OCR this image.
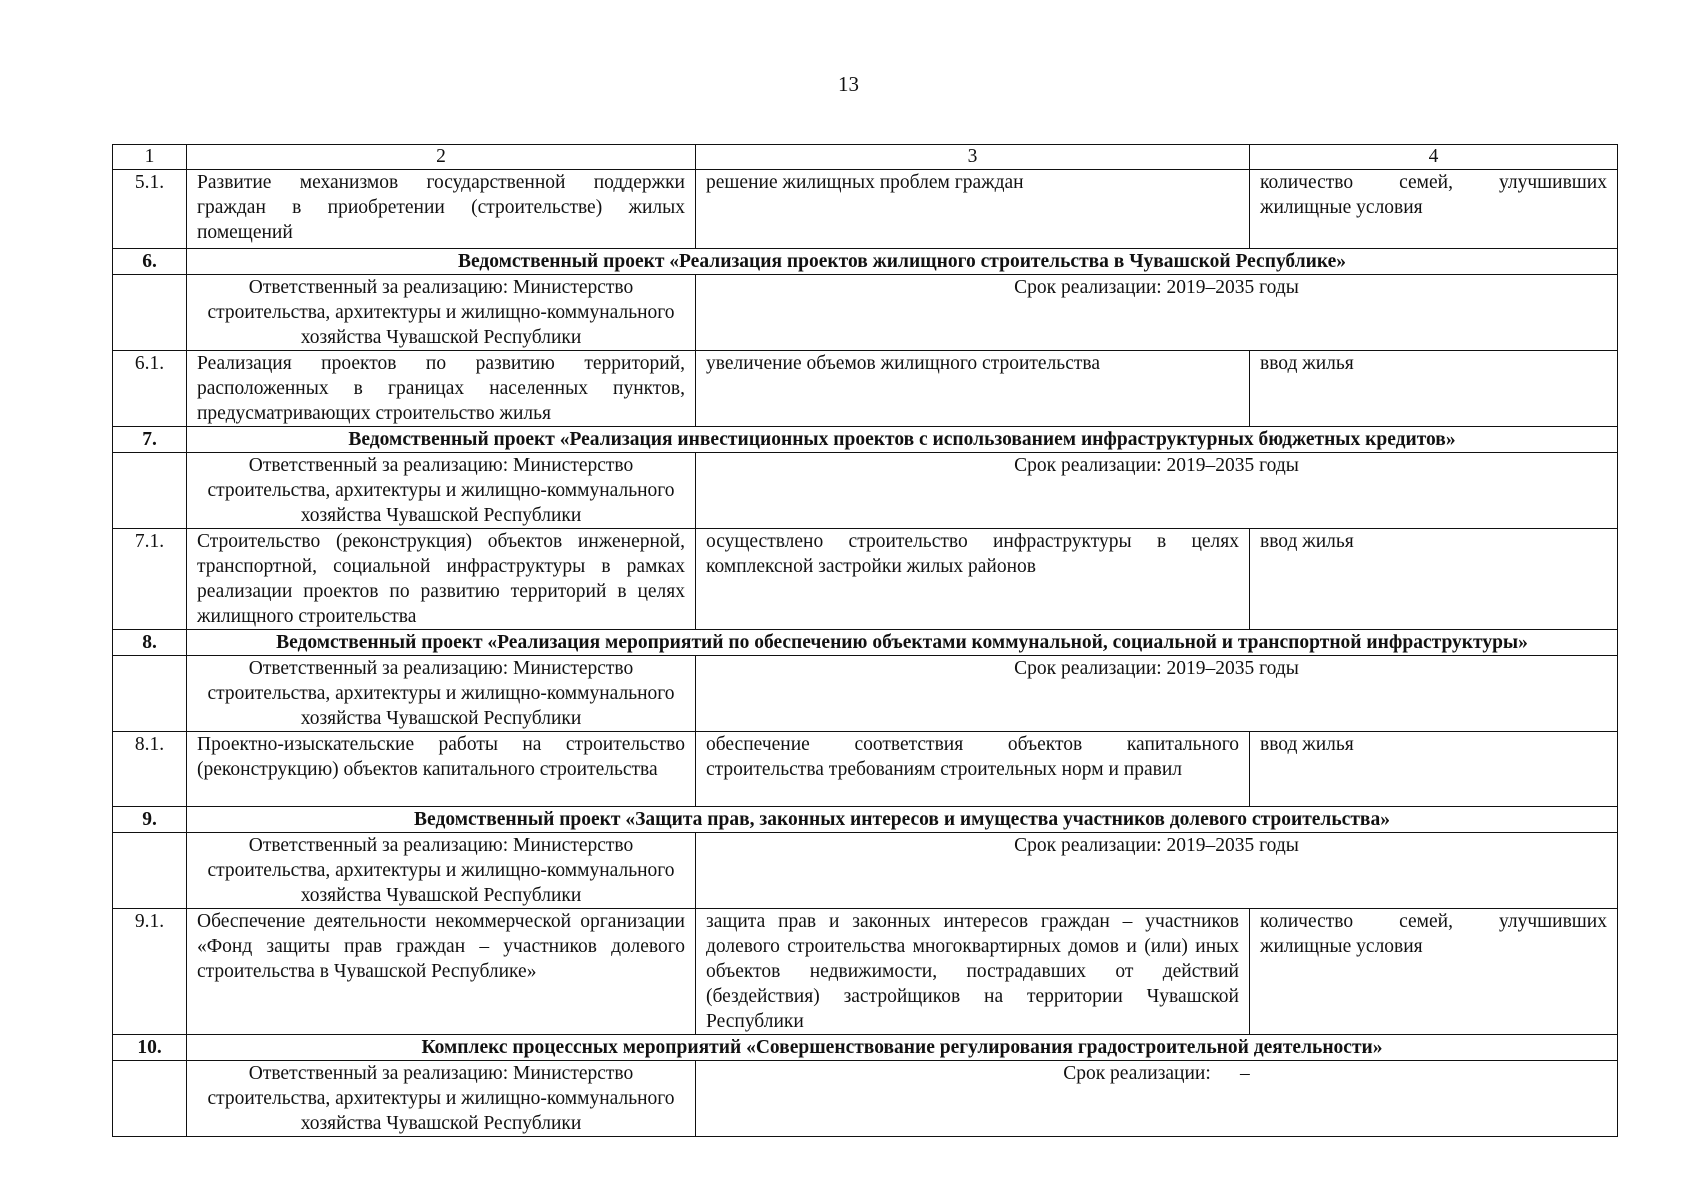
13
1	2	3	4
5.1.	Развитие механизмов государственной поддержки граждан в приобретении (строительстве) жилых помещений	решение жилищных проблем граждан	количество семей, улучшивших жилищные условия
6.	Ведомственный проект «Реализация проектов жилищного строительства в Чувашской Республике»		
	Ответственный за реализацию: Министерство строительства, архитектуры и жилищно-коммунального хозяйства Чувашской Республики	Срок реализации: 2019–2035 годы	
6.1.	Реализация проектов по развитию территорий, расположенных в границах населенных пунктов, предусматривающих строительство жилья	увеличение объемов жилищного строительства	ввод жилья
7.	Ведомственный проект «Реализация инвестиционных проектов с использованием инфраструктурных бюджетных кредитов»		
	Ответственный за реализацию: Министерство строительства, архитектуры и жилищно-коммунального хозяйства Чувашской Республики	Срок реализации: 2019–2035 годы	
7.1.	Строительство (реконструкция) объектов инженерной, транспортной, социальной инфраструктуры в рамках реализации проектов по развитию территорий в целях жилищного строительства	осуществлено строительство инфраструктуры в целях комплексной застройки жилых районов	ввод жилья
8.	Ведомственный проект «Реализация мероприятий по обеспечению объектами коммунальной, социальной и транспортной инфраструктуры»		
	Ответственный за реализацию: Министерство строительства, архитектуры и жилищно-коммунального хозяйства Чувашской Республики	Срок реализации: 2019–2035 годы	
8.1.	Проектно-изыскательские работы на строительство (реконструкцию) объектов капитального строительства	обеспечение соответствия объектов капитального строительства требованиям строительных норм и правил	ввод жилья
9.	Ведомственный проект «Защита прав, законных интересов и имущества участников долевого строительства»		
	Ответственный за реализацию: Министерство строительства, архитектуры и жилищно-коммунального хозяйства Чувашской Республики	Срок реализации: 2019–2035 годы	
9.1.	Обеспечение деятельности некоммерческой организации «Фонд защиты прав граждан – участников долевого строительства в Чувашской Республике»	защита прав и законных интересов граждан – участников долевого строительства многоквартирных домов и (или) иных объектов недвижимости, пострадавших от действий (бездействия) застройщиков на территории Чувашской Республики	количество семей, улучшивших жилищные условия
10.	Комплекс процессных мероприятий «Совершенствование регулирования градостроительной деятельности»		
	Ответственный за реализацию: Министерство строительства, архитектуры и жилищно-коммунального хозяйства Чувашской Республики	Срок реализации:      –	
